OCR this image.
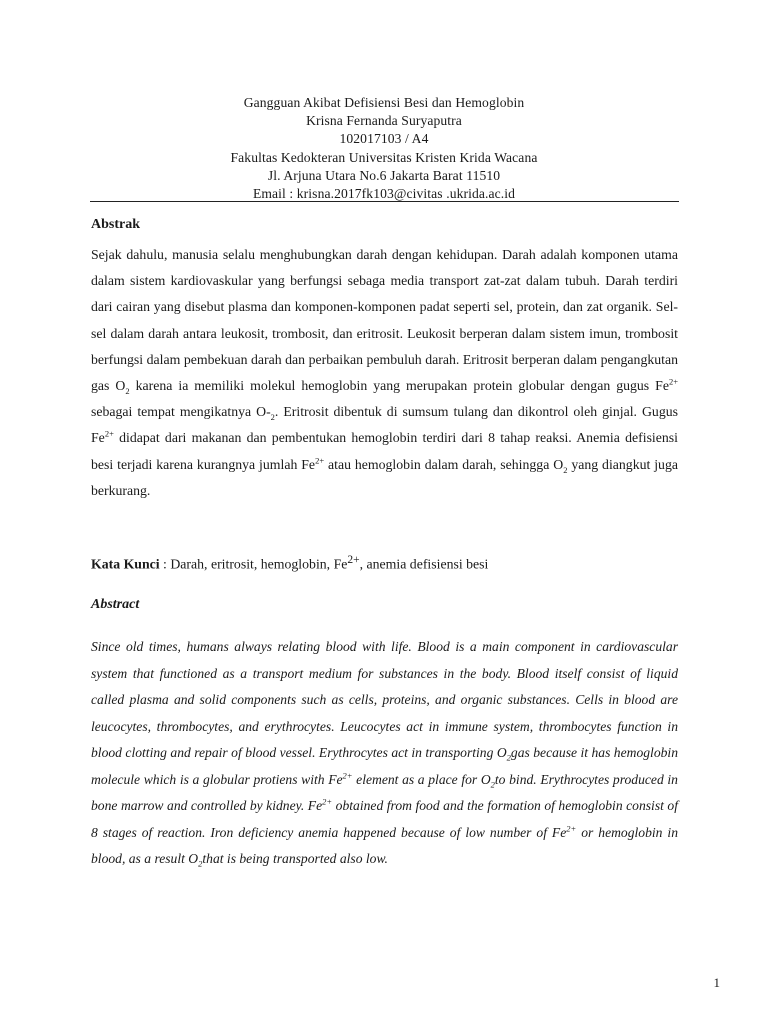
Gangguan Akibat Defisiensi Besi dan Hemoglobin
Krisna Fernanda Suryaputra
102017103 / A4
Fakultas Kedokteran Universitas Kristen Krida Wacana
Jl. Arjuna Utara No.6 Jakarta Barat 11510
Email : krisna.2017fk103@civitas .ukrida.ac.id
Abstrak
Sejak dahulu, manusia selalu menghubungkan darah dengan kehidupan. Darah adalah komponen utama dalam sistem kardiovaskular yang berfungsi sebaga media transport zat-zat dalam tubuh. Darah terdiri dari cairan yang disebut plasma dan komponen-komponen padat seperti sel, protein, dan zat organik. Sel-sel dalam darah antara leukosit, trombosit, dan eritrosit. Leukosit berperan dalam sistem imun, trombosit berfungsi dalam pembekuan darah dan perbaikan pembuluh darah. Eritrosit berperan dalam pengangkutan gas $O_2$ karena ia memiliki molekul hemoglobin yang merupakan protein globular dengan gugus $Fe^{2+}$ sebagai tempat mengikatnya $O-_2$. Eritrosit dibentuk di sumsum tulang dan dikontrol oleh ginjal. Gugus $Fe^{2+}$ didapat dari makanan dan pembentukan hemoglobin terdiri dari 8 tahap reaksi. Anemia defisiensi besi terjadi karena kurangnya jumlah $Fe^{2+}$ atau hemoglobin dalam darah, sehingga $O_2$ yang diangkut juga berkurang.
Kata Kunci : Darah, eritrosit, hemoglobin, $Fe^{2+}$, anemia defisiensi besi
Abstract
Since old times, humans always relating blood with life. Blood is a main component in cardiovascular system that functioned as a transport medium for substances in the body. Blood itself consist of liquid called plasma and solid components such as cells, proteins, and organic substances. Cells in blood are leucocytes, thrombocytes, and erythrocytes. Leucocytes act in immune system, thrombocytes function in blood clotting and repair of blood vessel. Erythrocytes act in transporting $O_2gas$ because it has hemoglobin molecule which is a globular protiens with $Fe^{2+}$ element as a place for $O_2to$ bind. Erythrocytes produced in bone marrow and controlled by kidney. $Fe^{2+}$ obtained from food and the formation of hemoglobin consist of 8 stages of reaction. Iron deficiency anemia happened because of low number of $Fe^{2+}$ or hemoglobin in blood, as a result $O_2that$ is being transported also low.
1
